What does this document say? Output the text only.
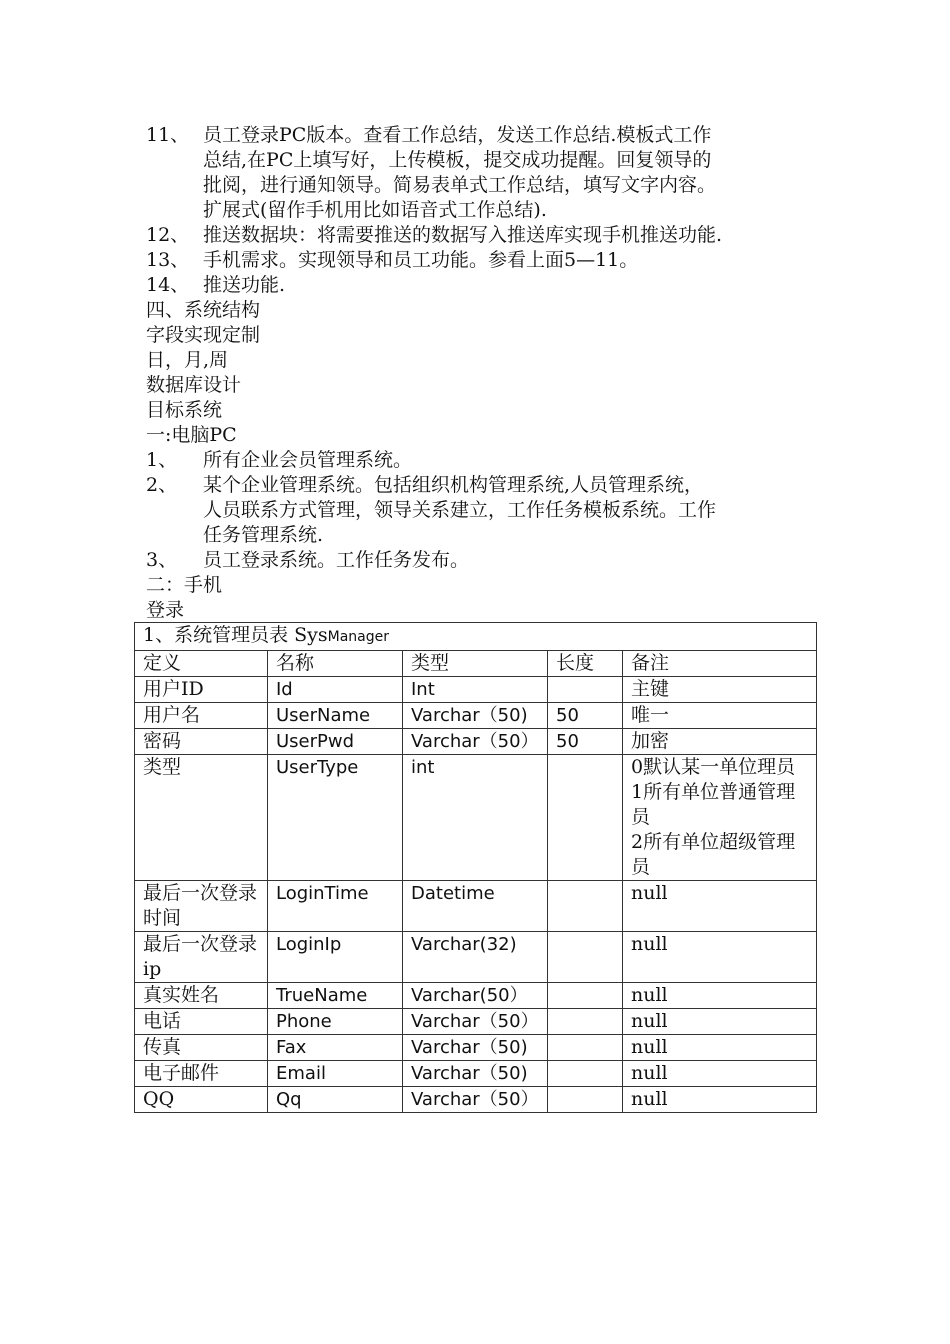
11、 员工登录PC版本。查看工作总结，发送工作总结.模板式工作
总结,在PC上填写好，上传模板，提交成功提醒。回复领导的
批阅，进行通知领导。简易表单式工作总结，填写文字内容。
扩展式(留作手机用比如语音式工作总结).
12、 推送数据块：将需要推送的数据写入推送库实现手机推送功能.
13、 手机需求。实现领导和员工功能。参看上面5—11。
14、 推送功能.
四、系统结构
字段实现定制
日，月,周
数据库设计
目标系统
一:电脑PC
1、 所有企业会员管理系统。
2、 某个企业管理系统。包括组织机构管理系统,人员管理系统，
人员联系方式管理，领导关系建立，工作任务模板系统。工作
任务管理系统.
3、 员工登录系统。工作任务发布。
二：手机
登录
1、系统管理员表 SysManager				
定义	名称	类型	长度	备注
用户ID	Id	Int		主键
用户名	UserName	Varchar（50)	50	唯一
密码	UserPwd	Varchar（50）	50	加密
类型	UserType	int		0默认某一单位理员
1所有单位普通管理员
2所有单位超级管理员
最后一次登录时间	LoginTime	Datetime		null
最后一次登录ip	LoginIp	Varchar(32)		null
真实姓名	TrueName	Varchar(50）		null
电话	Phone	Varchar（50）		null
传真	Fax	Varchar（50)		null
电子邮件	Email	Varchar（50)		null
QQ	Qq	Varchar（50）		null
